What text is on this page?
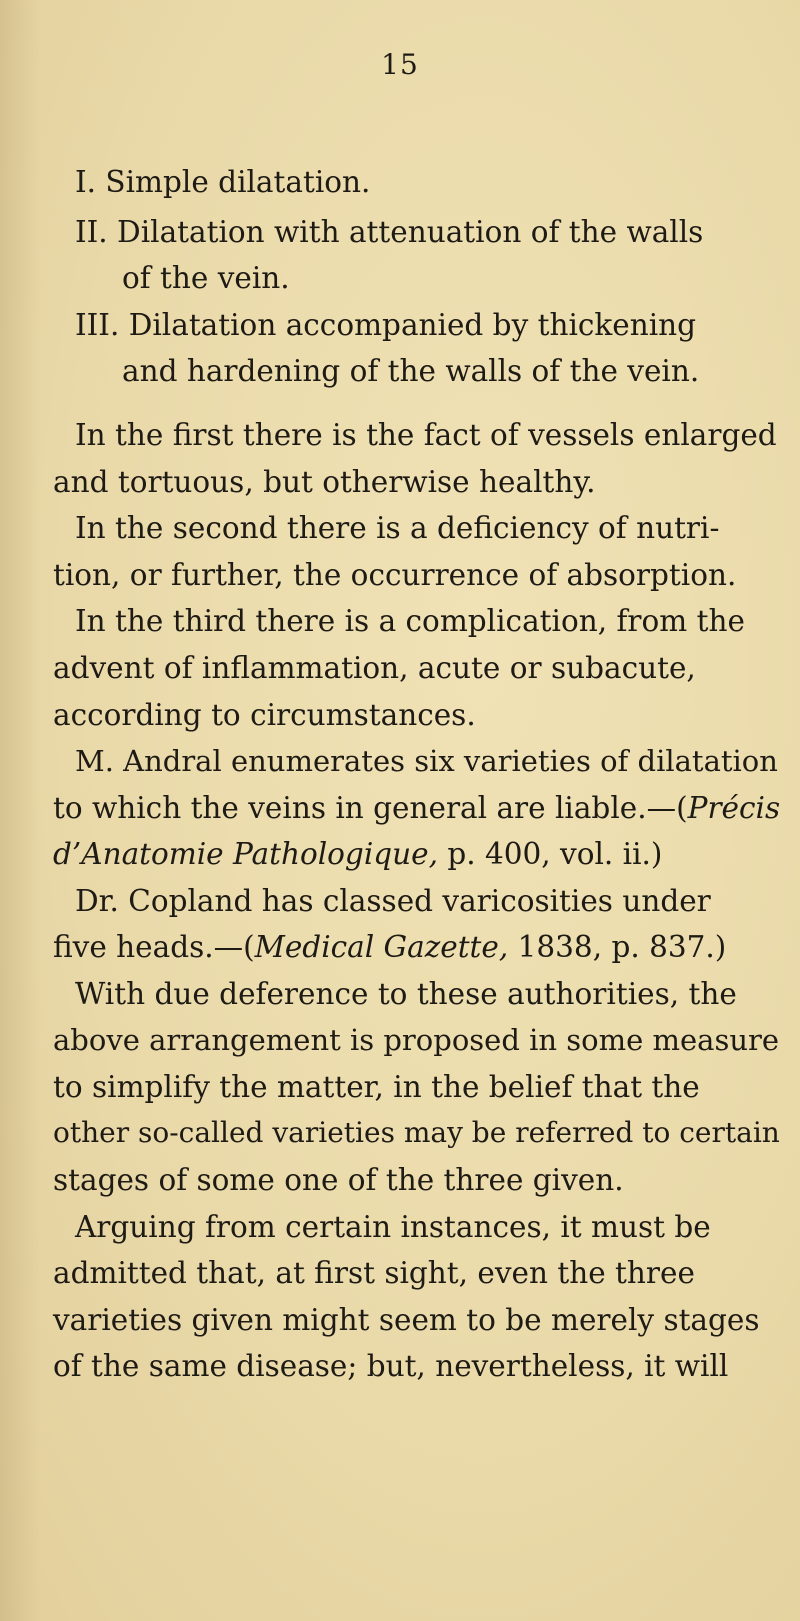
15
I. Simple dilatation.
II. Dilatation with attenuation of the walls
of the vein.
III. Dilatation accompanied by thickening
and hardening of the walls of the vein.
In the first there is the fact of vessels enlarged
and tortuous, but otherwise healthy.
In the second there is a deficiency of nutri-
tion, or further, the occurrence of absorption.
In the third there is a complication, from the
advent of inflammation, acute or subacute,
according to circumstances.
M. Andral enumerates six varieties of dilatation
to which the veins in general are liable.—(Précis
d’Anatomie Pathologique, p. 400, vol. ii.)
Dr. Copland has classed varicosities under
five heads.—(Medical Gazette, 1838, p. 837.)
With due deference to these authorities, the
above arrangement is proposed in some measure
to simplify the matter, in the belief that the
other so-called varieties may be referred to certain
stages of some one of the three given.
Arguing from certain instances, it must be
admitted that, at first sight, even the three
varieties given might seem to be merely stages
of the same disease; but, nevertheless, it will
